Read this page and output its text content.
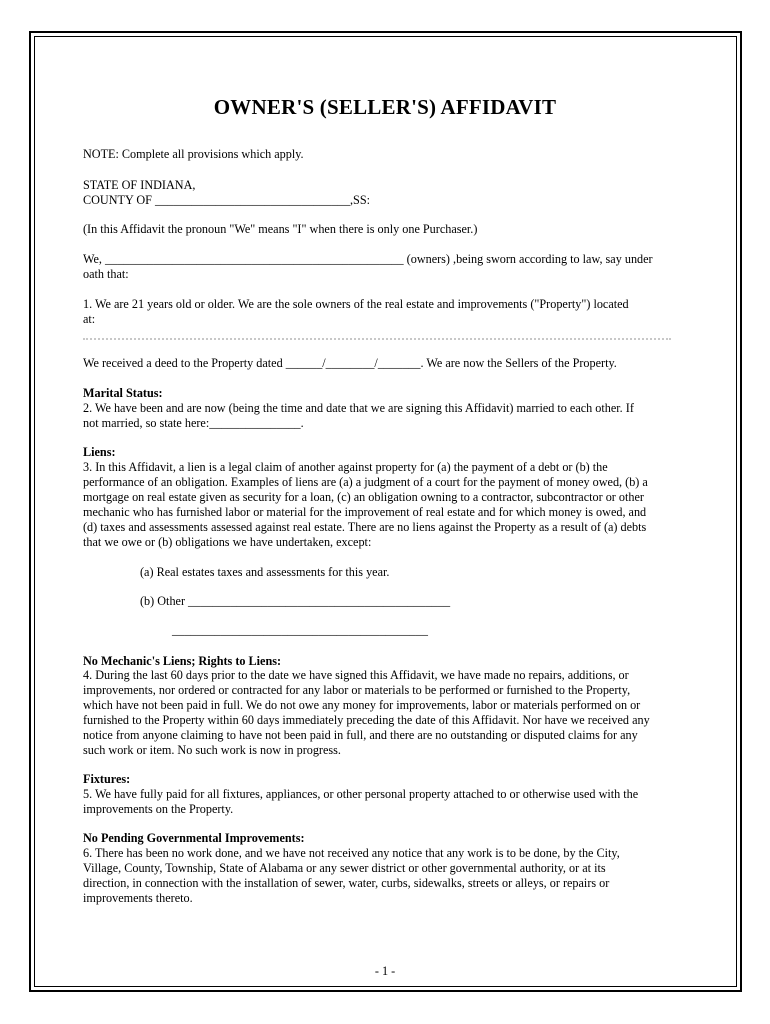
OWNER'S (SELLER'S) AFFIDAVIT
NOTE: Complete all provisions which apply.
STATE OF INDIANA,
COUNTY OF ________________________________,SS:
(In this Affidavit the pronoun "We" means "I" when there is only one Purchaser.)
We, _________________________________________________ (owners) ,being sworn according to law, say under
oath that:
1. We are 21 years old or older. We are the sole owners of the real estate and improvements ("Property") located
at:
We received a deed to the Property dated ______/________/_______. We are now the Sellers of the Property.
Marital Status:
2. We have been and are now (being the time and date that we are signing this Affidavit) married to each other. If
not married, so state here:_______________.
Liens:
3. In this Affidavit, a lien is a legal claim of another against property for (a) the payment of a debt or (b) the
performance of an obligation. Examples of liens are (a) a judgment of a court for the payment of money owed, (b) a
mortgage on real estate given as security for a loan, (c) an obligation owning to a contractor, subcontractor or other
mechanic who has furnished labor or material for the improvement of real estate and for which money is owed, and
(d) taxes and assessments assessed against real estate. There are no liens against the Property as a result of (a) debts
that we owe or (b) obligations we have undertaken, except:
(a) Real estates taxes and assessments for this year.
(b) Other ___________________________________________
__________________________________________
No Mechanic's Liens; Rights to Liens:
4. During the last 60 days prior to the date we have signed this Affidavit, we have made no repairs, additions, or
improvements, nor ordered or contracted for any labor or materials to be performed or furnished to the Property,
which have not been paid in full. We do not owe any money for improvements, labor or materials performed on or
furnished to the Property within 60 days immediately preceding the date of this Affidavit. Nor have we received any
notice from anyone claiming to have not been paid in full, and there are no outstanding or disputed claims for any
such work or item. No such work is now in progress.
Fixtures:
5. We have fully paid for all fixtures, appliances, or other personal property attached to or otherwise used with the
improvements on the Property.
No Pending Governmental Improvements:
6. There has been no work done, and we have not received any notice that any work is to be done, by the City,
Village, County, Township, State of Alabama or any sewer district or other governmental authority, or at its
direction, in connection with the installation of sewer, water, curbs, sidewalks, streets or alleys, or repairs or
improvements thereto.
- 1 -
